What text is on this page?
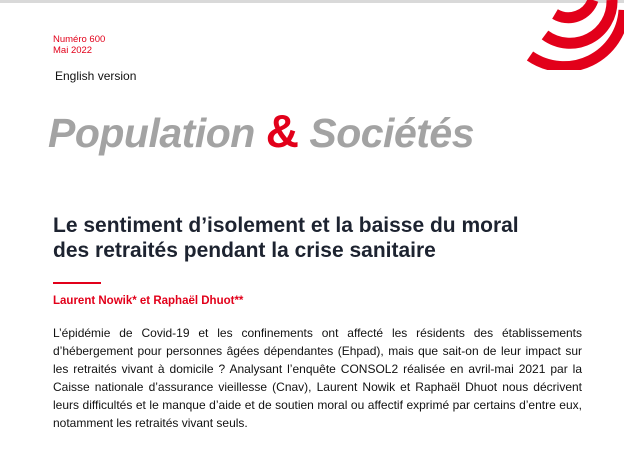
Numéro 600
Mai 2022
English version
Population & Sociétés
Le sentiment d’isolement et la baisse du moral
des retraités pendant la crise sanitaire
Laurent Nowik* et Raphaël Dhuot**

L’épidémie de Covid-19 et les confinements ont affecté les résidents des établissements d’hébergement pour personnes âgées dépendantes (Ehpad), mais que sait-on de leur impact sur les retraités vivant à domicile ? Analysant l’enquête CONSOL2 réalisée en avril-mai 2021 par la Caisse nationale d’assurance vieillesse (Cnav), Laurent Nowik et Raphaël Dhuot nous décrivent leurs difficultés et le manque d’aide et de soutien moral ou affectif exprimé par certains d’entre eux, notamment les retraités vivant seuls.
